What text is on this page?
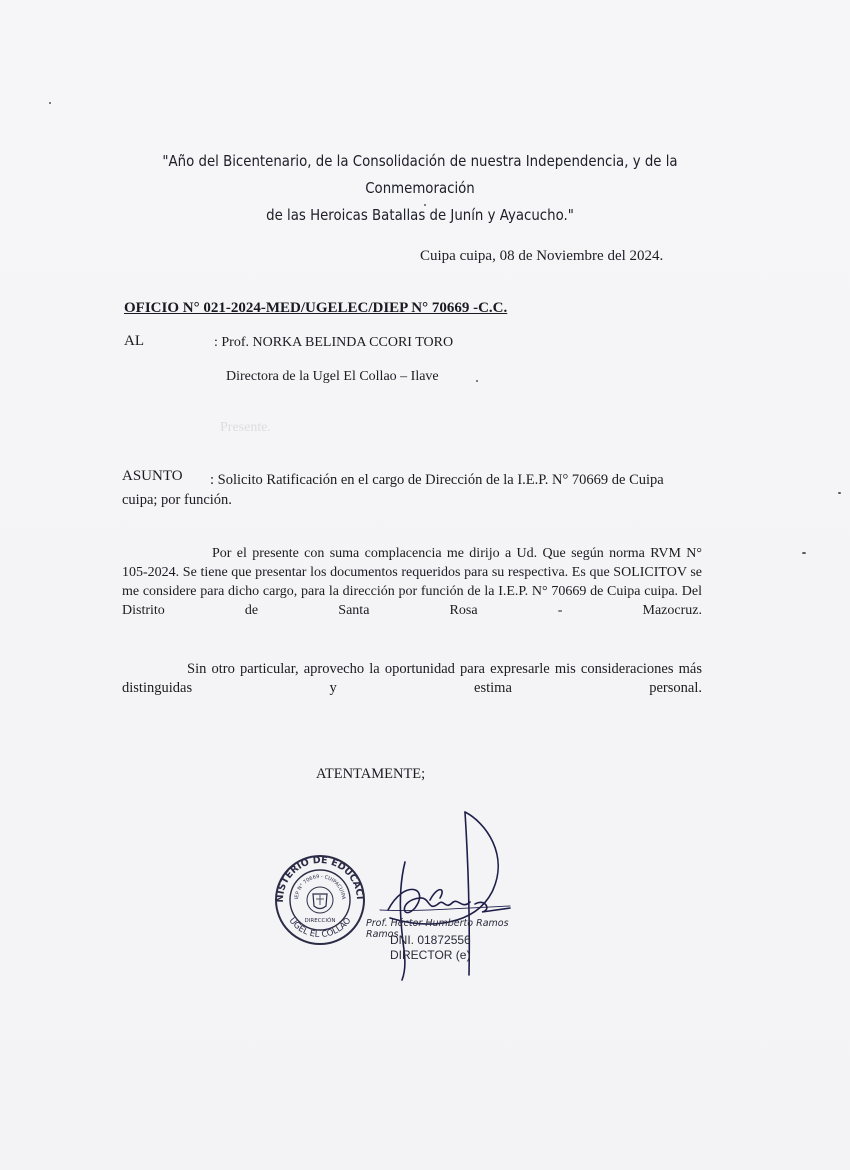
"Año del Bicentenario, de la Consolidación de nuestra Independencia, y de la Conmemoración
de las Heroicas Batallas de Junín y Ayacucho."
Cuipa cuipa, 08 de Noviembre del 2024.
OFICIO N° 021-2024-MED/UGELEC/DIEP N° 70669 -C.C.
AL	: Prof. NORKA BELINDA CCORI TORO
Directora de la Ugel El Collao – Ilave
Presente.
ASUNTO	: Solicito Ratificación en el cargo de Dirección de la I.E.P. N° 70669 de Cuipa cuipa; por función.
Por el presente con suma complacencia me dirijo a Ud. Que según norma RVM N° 105-2024. Se tiene que presentar los documentos requeridos para su respectiva. Es que SOLICITOV se me considere para dicho cargo, para la dirección por función de la I.E.P. N° 70669 de Cuipa cuipa. Del Distrito de Santa Rosa - Mazocruz.
Sin otro particular, aprovecho la oportunidad para expresarle mis consideraciones más distinguidas y estima personal.
ATENTAMENTE;
MINISTERIO DE EDUCACIÓN
UGEL EL COLLAO
IEP N° 70669 - CUIPACUIPA
DIRECCIÓN	Prof. Héctor Humberto Ramos Ramos
DNI. 01872556
DIRECTOR (e)
